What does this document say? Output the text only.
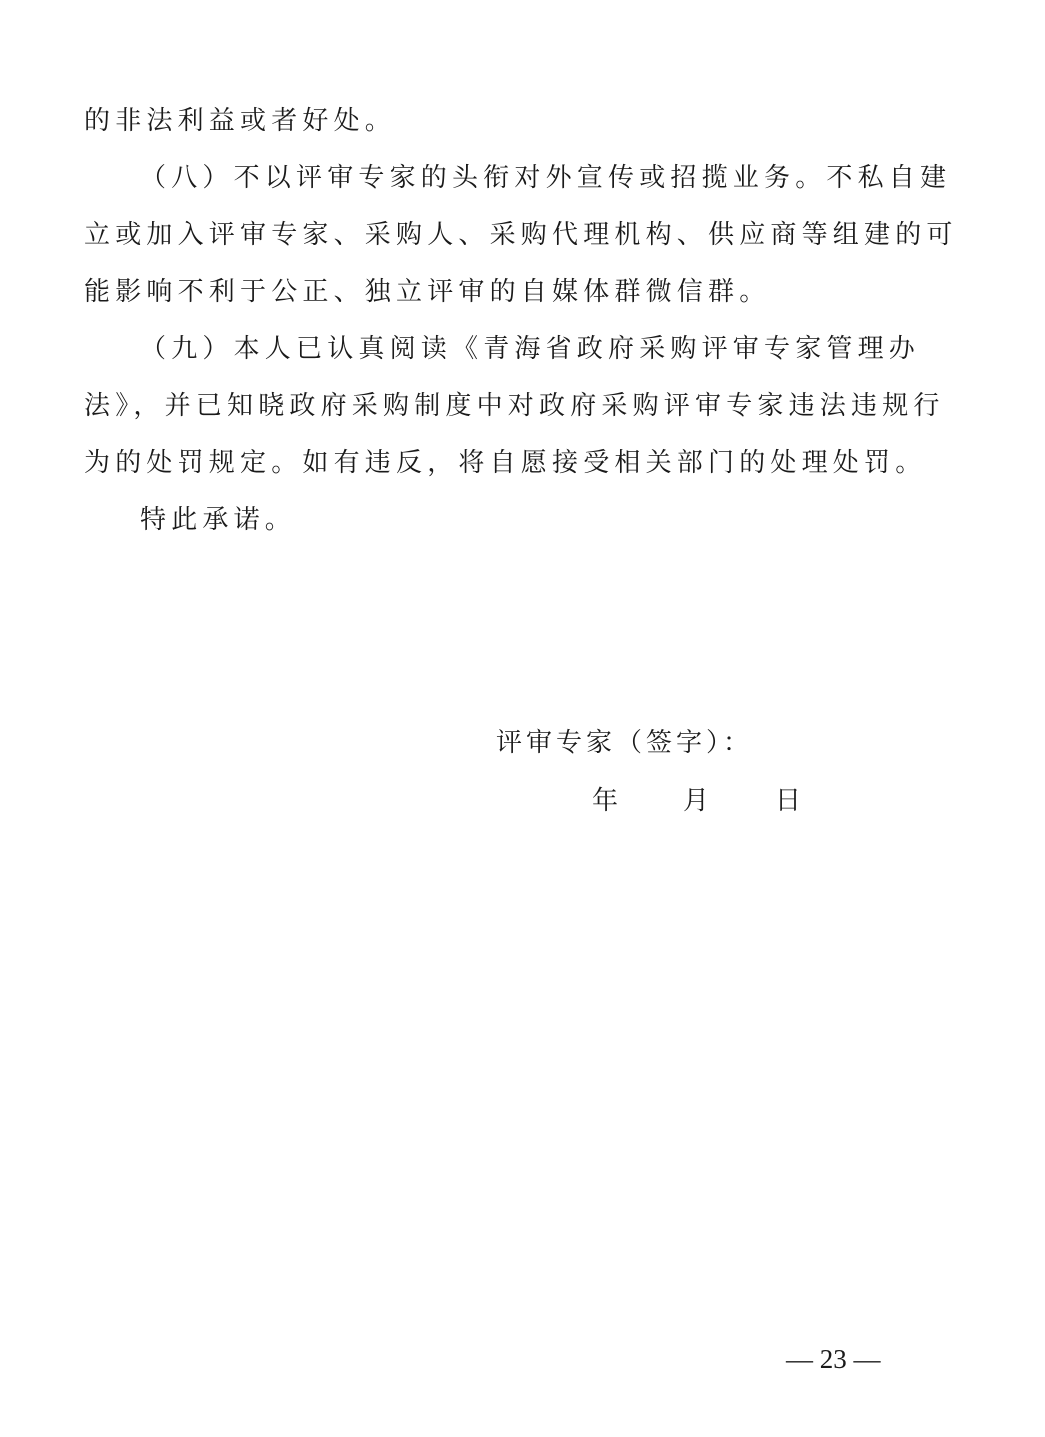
的非法利益或者好处。
（八）不以评审专家的头衔对外宣传或招揽业务。不私自建
立或加入评审专家、采购人、采购代理机构、供应商等组建的可
能影响不利于公正、独立评审的自媒体群微信群。
（九）本人已认真阅读《青海省政府采购评审专家管理办
法》，并已知晓政府采购制度中对政府采购评审专家违法违规行
为的处罚规定。如有违反，将自愿接受相关部门的处理处罚。
特此承诺。
评审专家（签字）：
年 月	日
— 23 —
